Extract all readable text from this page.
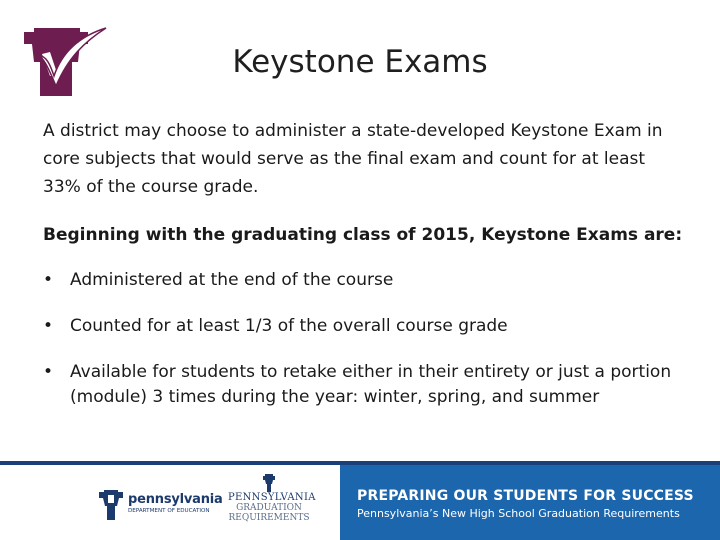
Keystone Exams
A district may choose to administer a state-developed Keystone Exam in core subjects that would serve as the final exam and count for at least 33% of the course grade.
Beginning with the graduating class of 2015, Keystone Exams are:
• Administered at the end of the course
• Counted for at least 1/3 of the overall course grade
• Available for students to retake either in their entirety or just a portion (module) 3 times during the year: winter, spring, and summer
pennsylvania
DEPARTMENT OF EDUCATION
PENNSYLVANIA
GRADUATION
REQUIREMENTS
PREPARING OUR STUDENTS FOR SUCCESS
Pennsylvania’s New High School Graduation Requirements
